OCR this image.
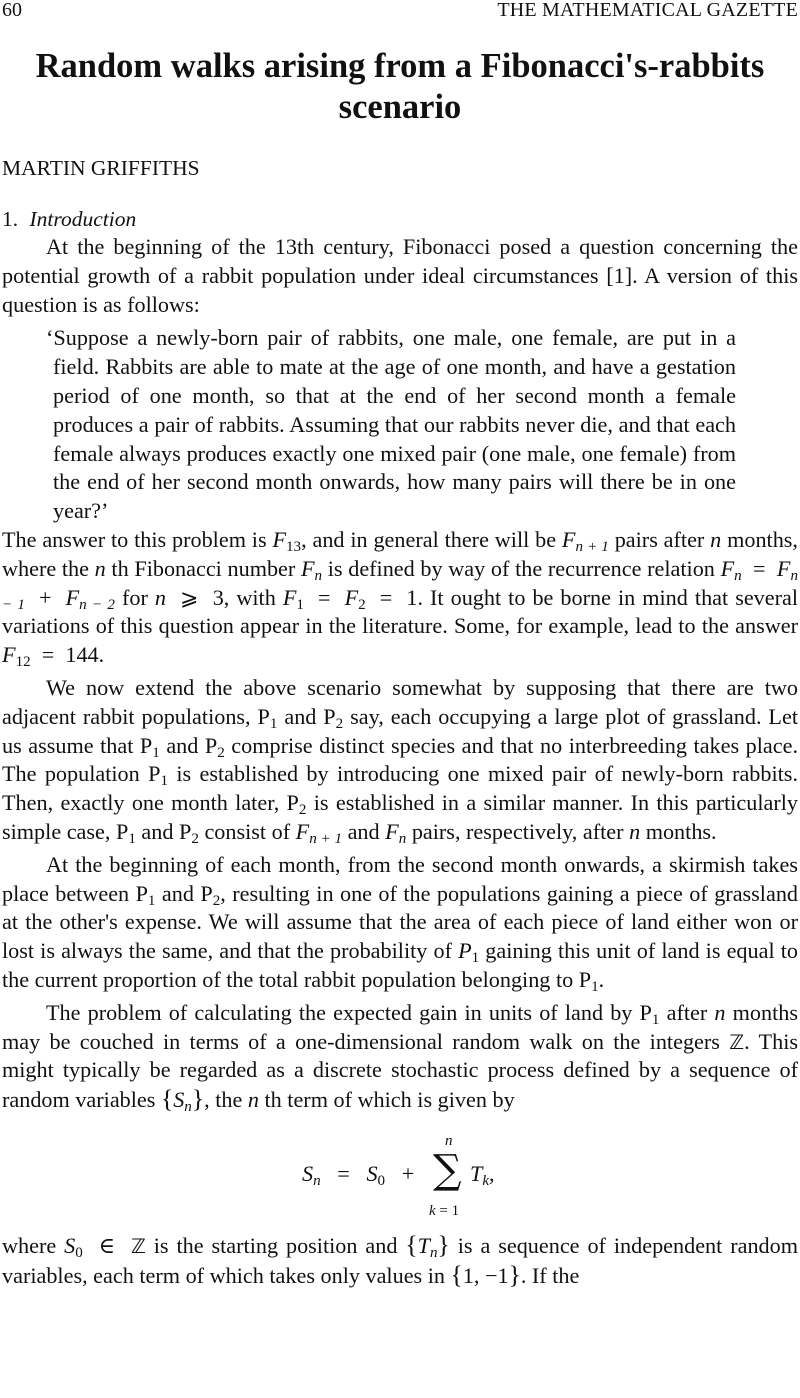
60	THE MATHEMATICAL GAZETTE
Random walks arising from a Fibonacci's-rabbits scenario
MARTIN GRIFFITHS
1. Introduction

At the beginning of the 13th century, Fibonacci posed a question concerning the potential growth of a rabbit population under ideal circumstances [1]. A version of this question is as follows:

‘Suppose a newly-born pair of rabbits, one male, one female, are put in a field. Rabbits are able to mate at the age of one month, and have a gestation period of one month, so that at the end of her second month a female produces a pair of rabbits. Assuming that our rabbits never die, and that each female always produces exactly one mixed pair (one male, one female) from the end of her second month onwards, how many pairs will there be in one year?’

The answer to this problem is $F_{13}$, and in general there will be $F_{n + 1}$ pairs after n months, where the n th Fibonacci number $F_n$ is defined by way of the recurrence relation $F_n = F_{n - 1} + F_{n - 2}$ for n ⩾ 3, with $F_1 = F_2 = 1$. It ought to be borne in mind that several variations of this question appear in the literature. Some, for example, lead to the answer $F_{12} = 144$.

We now extend the above scenario somewhat by supposing that there are two adjacent rabbit populations, $P_1$ and $P_2$ say, each occupying a large plot of grassland. Let us assume that $P_1$ and $P_2$ comprise distinct species and that no interbreeding takes place. The population $P_1$ is established by introducing one mixed pair of newly-born rabbits. Then, exactly one month later, $P_2$ is established in a similar manner. In this particularly simple case, $P_1$ and $P_2$ consist of $F_{n + 1}$ and $F_n$ pairs, respectively, after n months.

At the beginning of each month, from the second month onwards, a skirmish takes place between $P_1$ and $P_2$, resulting in one of the populations gaining a piece of grassland at the other's expense. We will assume that the area of each piece of land either won or lost is always the same, and that the probability of $P_1$ gaining this unit of land is equal to the current proportion of the total rabbit population belonging to $P_1$.

The problem of calculating the expected gain in units of land by $P_1$ after n months may be couched in terms of a one-dimensional random walk on the integers ℤ. This might typically be regarded as a discrete stochastic process defined by a sequence of random variables $\{S_n\}$, the n th term of which is given by

$S_n = S_0$ +
n
∑
k = 1
$T_k$,

where $S_0$ ∈ ℤ is the starting position and $\{T_n\}$ is a sequence of independent random variables, each term of which takes only values in {1, −1}. If the
